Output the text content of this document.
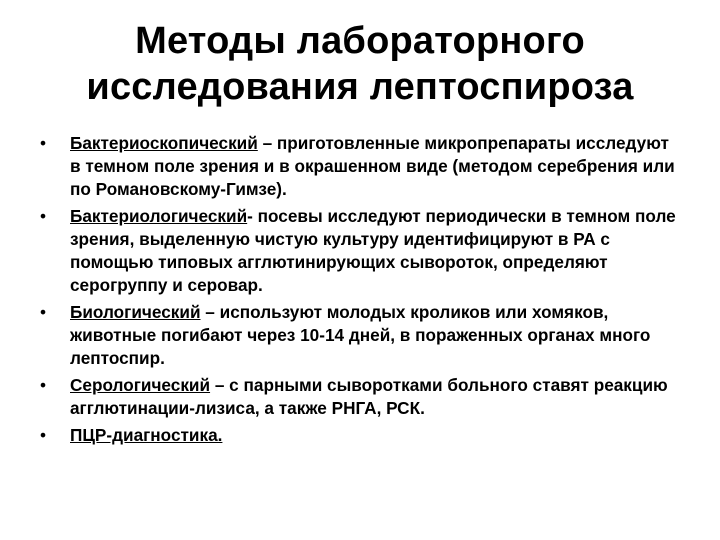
Методы лабораторного
исследования лептоспироза
• Бактериоскопический – приготовленные микропрепараты исследуют в темном поле зрения и в окрашенном виде (методом серебрения или по Романовскому-Гимзе).
• Бактериологический- посевы исследуют периодически в темном поле зрения, выделенную чистую культуру идентифицируют в РА с помощью типовых агглютинирующих сывороток, определяют серогруппу и серовар.
• Биологический – используют молодых кроликов или хомяков, животные погибают через 10-14 дней, в пораженных органах много лептоспир.
• Серологический – с парными сыворотками больного ставят реакцию агглютинации-лизиса, а также РНГА, РСК.
• ПЦР-диагностика.
